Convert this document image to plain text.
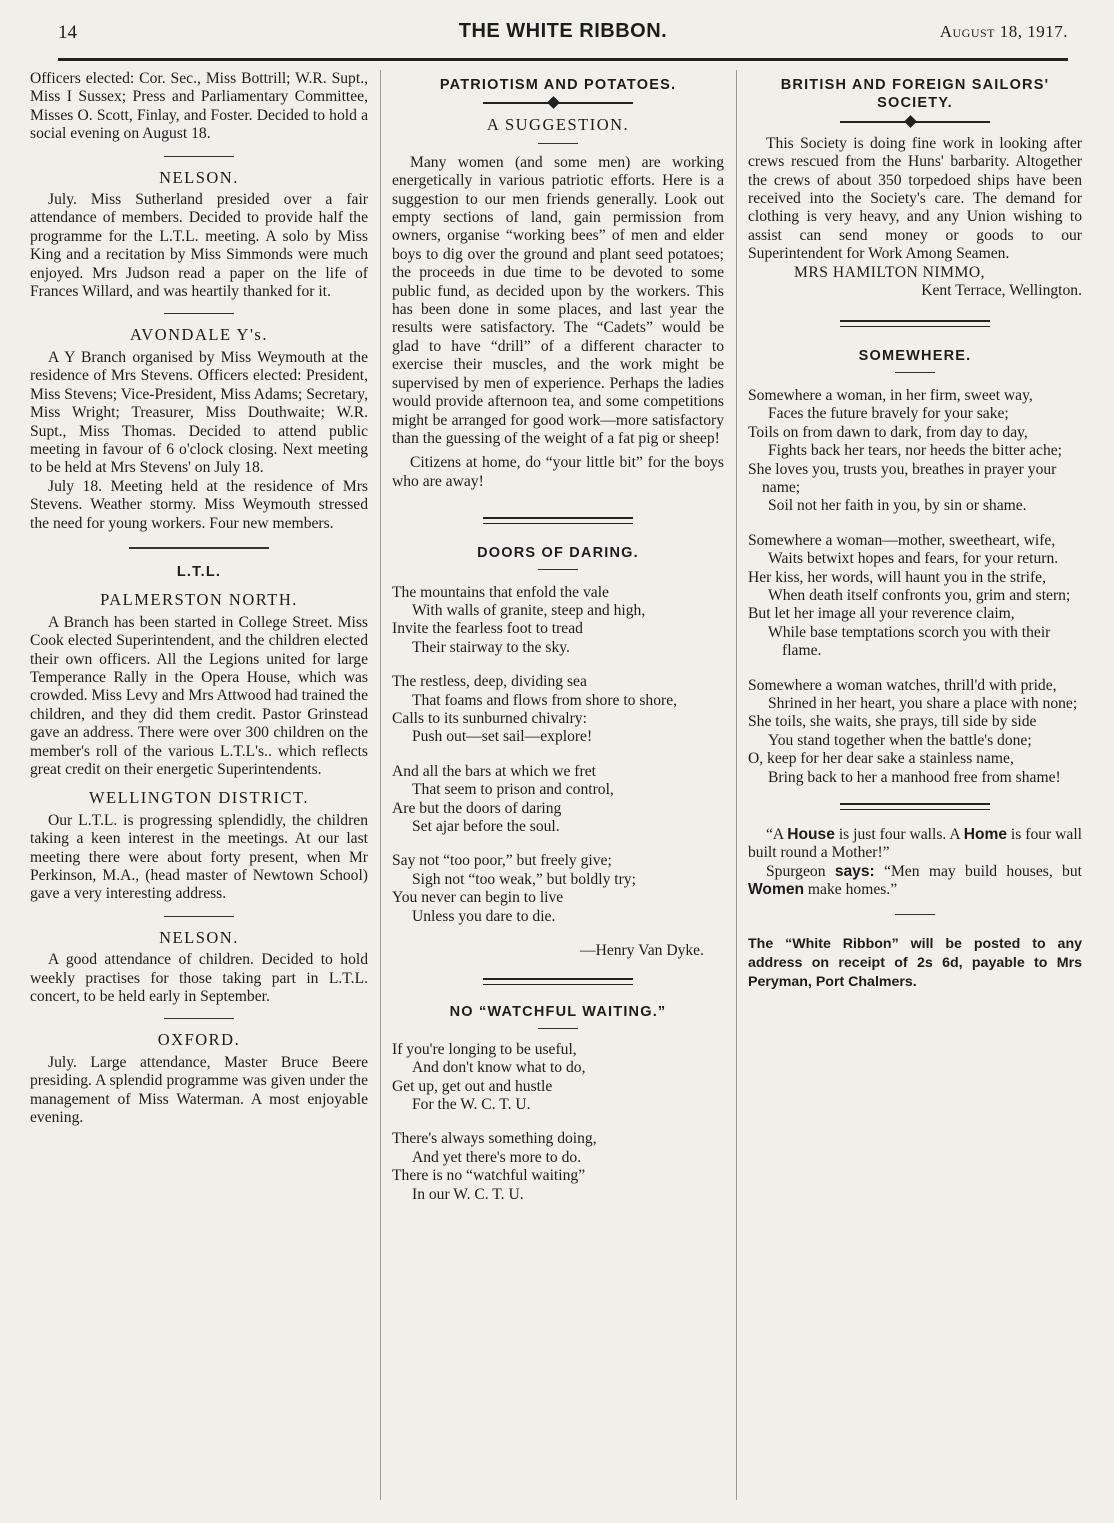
14	THE WHITE RIBBON.	August 18, 1917.

Officers elected: Cor. Sec., Miss Bottrill; W.R. Supt., Miss I Sussex; Press and Parliamentary Committee, Misses O. Scott, Finlay, and Foster. Decided to hold a social evening on August 18.

NELSON.

July. Miss Sutherland presided over a fair attendance of members. Decided to provide half the programme for the L.T.L. meeting. A solo by Miss King and a recitation by Miss Simmonds were much enjoyed. Mrs Judson read a paper on the life of Frances Willard, and was heartily thanked for it.

AVONDALE Y's.

A Y Branch organised by Miss Weymouth at the residence of Mrs Stevens. Officers elected: President, Miss Stevens; Vice-President, Miss Adams; Secretary, Miss Wright; Treasurer, Miss Douthwaite; W.R. Supt., Miss Thomas. Decided to attend public meeting in favour of 6 o'clock closing. Next meeting to be held at Mrs Stevens' on July 18.

July 18. Meeting held at the residence of Mrs Stevens. Weather stormy. Miss Weymouth stressed the need for young workers. Four new members.

L.T.L.
PALMERSTON NORTH.

A Branch has been started in College Street. Miss Cook elected Superintendent, and the children elected their own officers. All the Legions united for large Temperance Rally in the Opera House, which was crowded. Miss Levy and Mrs Attwood had trained the children, and they did them credit. Pastor Grinstead gave an address. There were over 300 children on the member's roll of the various L.T.L's.. which reflects great credit on their energetic Superintendents.

WELLINGTON DISTRICT.

Our L.T.L. is progressing splendidly, the children taking a keen interest in the meetings. At our last meeting there were about forty present, when Mr Perkinson, M.A., (head master of Newtown School) gave a very interesting address.

NELSON.

A good attendance of children. Decided to hold weekly practises for those taking part in L.T.L. concert, to be held early in September.

OXFORD.

July. Large attendance, Master Bruce Beere presiding. A splendid programme was given under the management of Miss Waterman. A most enjoyable evening.

PATRIOTISM AND POTATOES.
A SUGGESTION.

Many women (and some men) are working energetically in various patriotic efforts. Here is a suggestion to our men friends generally. Look out empty sections of land, gain permission from owners, organise “working bees” of men and elder boys to dig over the ground and plant seed potatoes; the proceeds in due time to be devoted to some public fund, as decided upon by the workers. This has been done in some places, and last year the results were satisfactory. The “Cadets” would be glad to have “drill” of a different character to exercise their muscles, and the work might be supervised by men of experience. Perhaps the ladies would provide afternoon tea, and some competitions might be arranged for good work—more satisfactory than the guessing of the weight of a fat pig or sheep!

Citizens at home, do “your little bit” for the boys who are away!

DOORS OF DARING.
The mountains that enfold the vale
With walls of granite, steep and high,
Invite the fearless foot to tread
Their stairway to the sky.
The restless, deep, dividing sea
That foams and flows from shore to shore,
Calls to its sunburned chivalry:
Push out—set sail—explore!
And all the bars at which we fret
That seem to prison and control,
Are but the doors of daring
Set ajar before the soul.
Say not “too poor,” but freely give;
Sigh not “too weak,” but boldly try;
You never can begin to live
Unless you dare to die.
—Henry Van Dyke.
NO “WATCHFUL WAITING.”
If you're longing to be useful,
And don't know what to do,
Get up, get out and hustle
For the W. C. T. U.
There's always something doing,
And yet there's more to do.
There is no “watchful waiting”
In our W. C. T. U.
BRITISH AND FOREIGN SAILORS' SOCIETY.

This Society is doing fine work in looking after crews rescued from the Huns' barbarity. Altogether the crews of about 350 torpedoed ships have been received into the Society's care. The demand for clothing is very heavy, and any Union wishing to assist can send money or goods to our Superintendent for Work Among Seamen.

MRS HAMILTON NIMMO,
Kent Terrace, Wellington.
SOMEWHERE.
Somewhere a woman, in her firm, sweet way,
Faces the future bravely for your sake;
Toils on from dawn to dark, from day to day,
Fights back her tears, nor heeds the bitter ache;
She loves you, trusts you, breathes in prayer your name;
Soil not her faith in you, by sin or shame.
Somewhere a woman—mother, sweetheart, wife,
Waits betwixt hopes and fears, for your return.
Her kiss, her words, will haunt you in the strife,
When death itself confronts you, grim and stern;
But let her image all your reverence claim,
While base temptations scorch you with their flame.
Somewhere a woman watches, thrill'd with pride,
Shrined in her heart, you share a place with none;
She toils, she waits, she prays, till side by side
You stand together when the battle's done;
O, keep for her dear sake a stainless name,
Bring back to her a manhood free from shame!

“A House is just four walls. A Home is four wall built round a Mother!”

Spurgeon says: “Men may build houses, but Women make homes.”

The “White Ribbon” will be posted to any address on receipt of 2s 6d, payable to Mrs Peryman, Port Chalmers.
